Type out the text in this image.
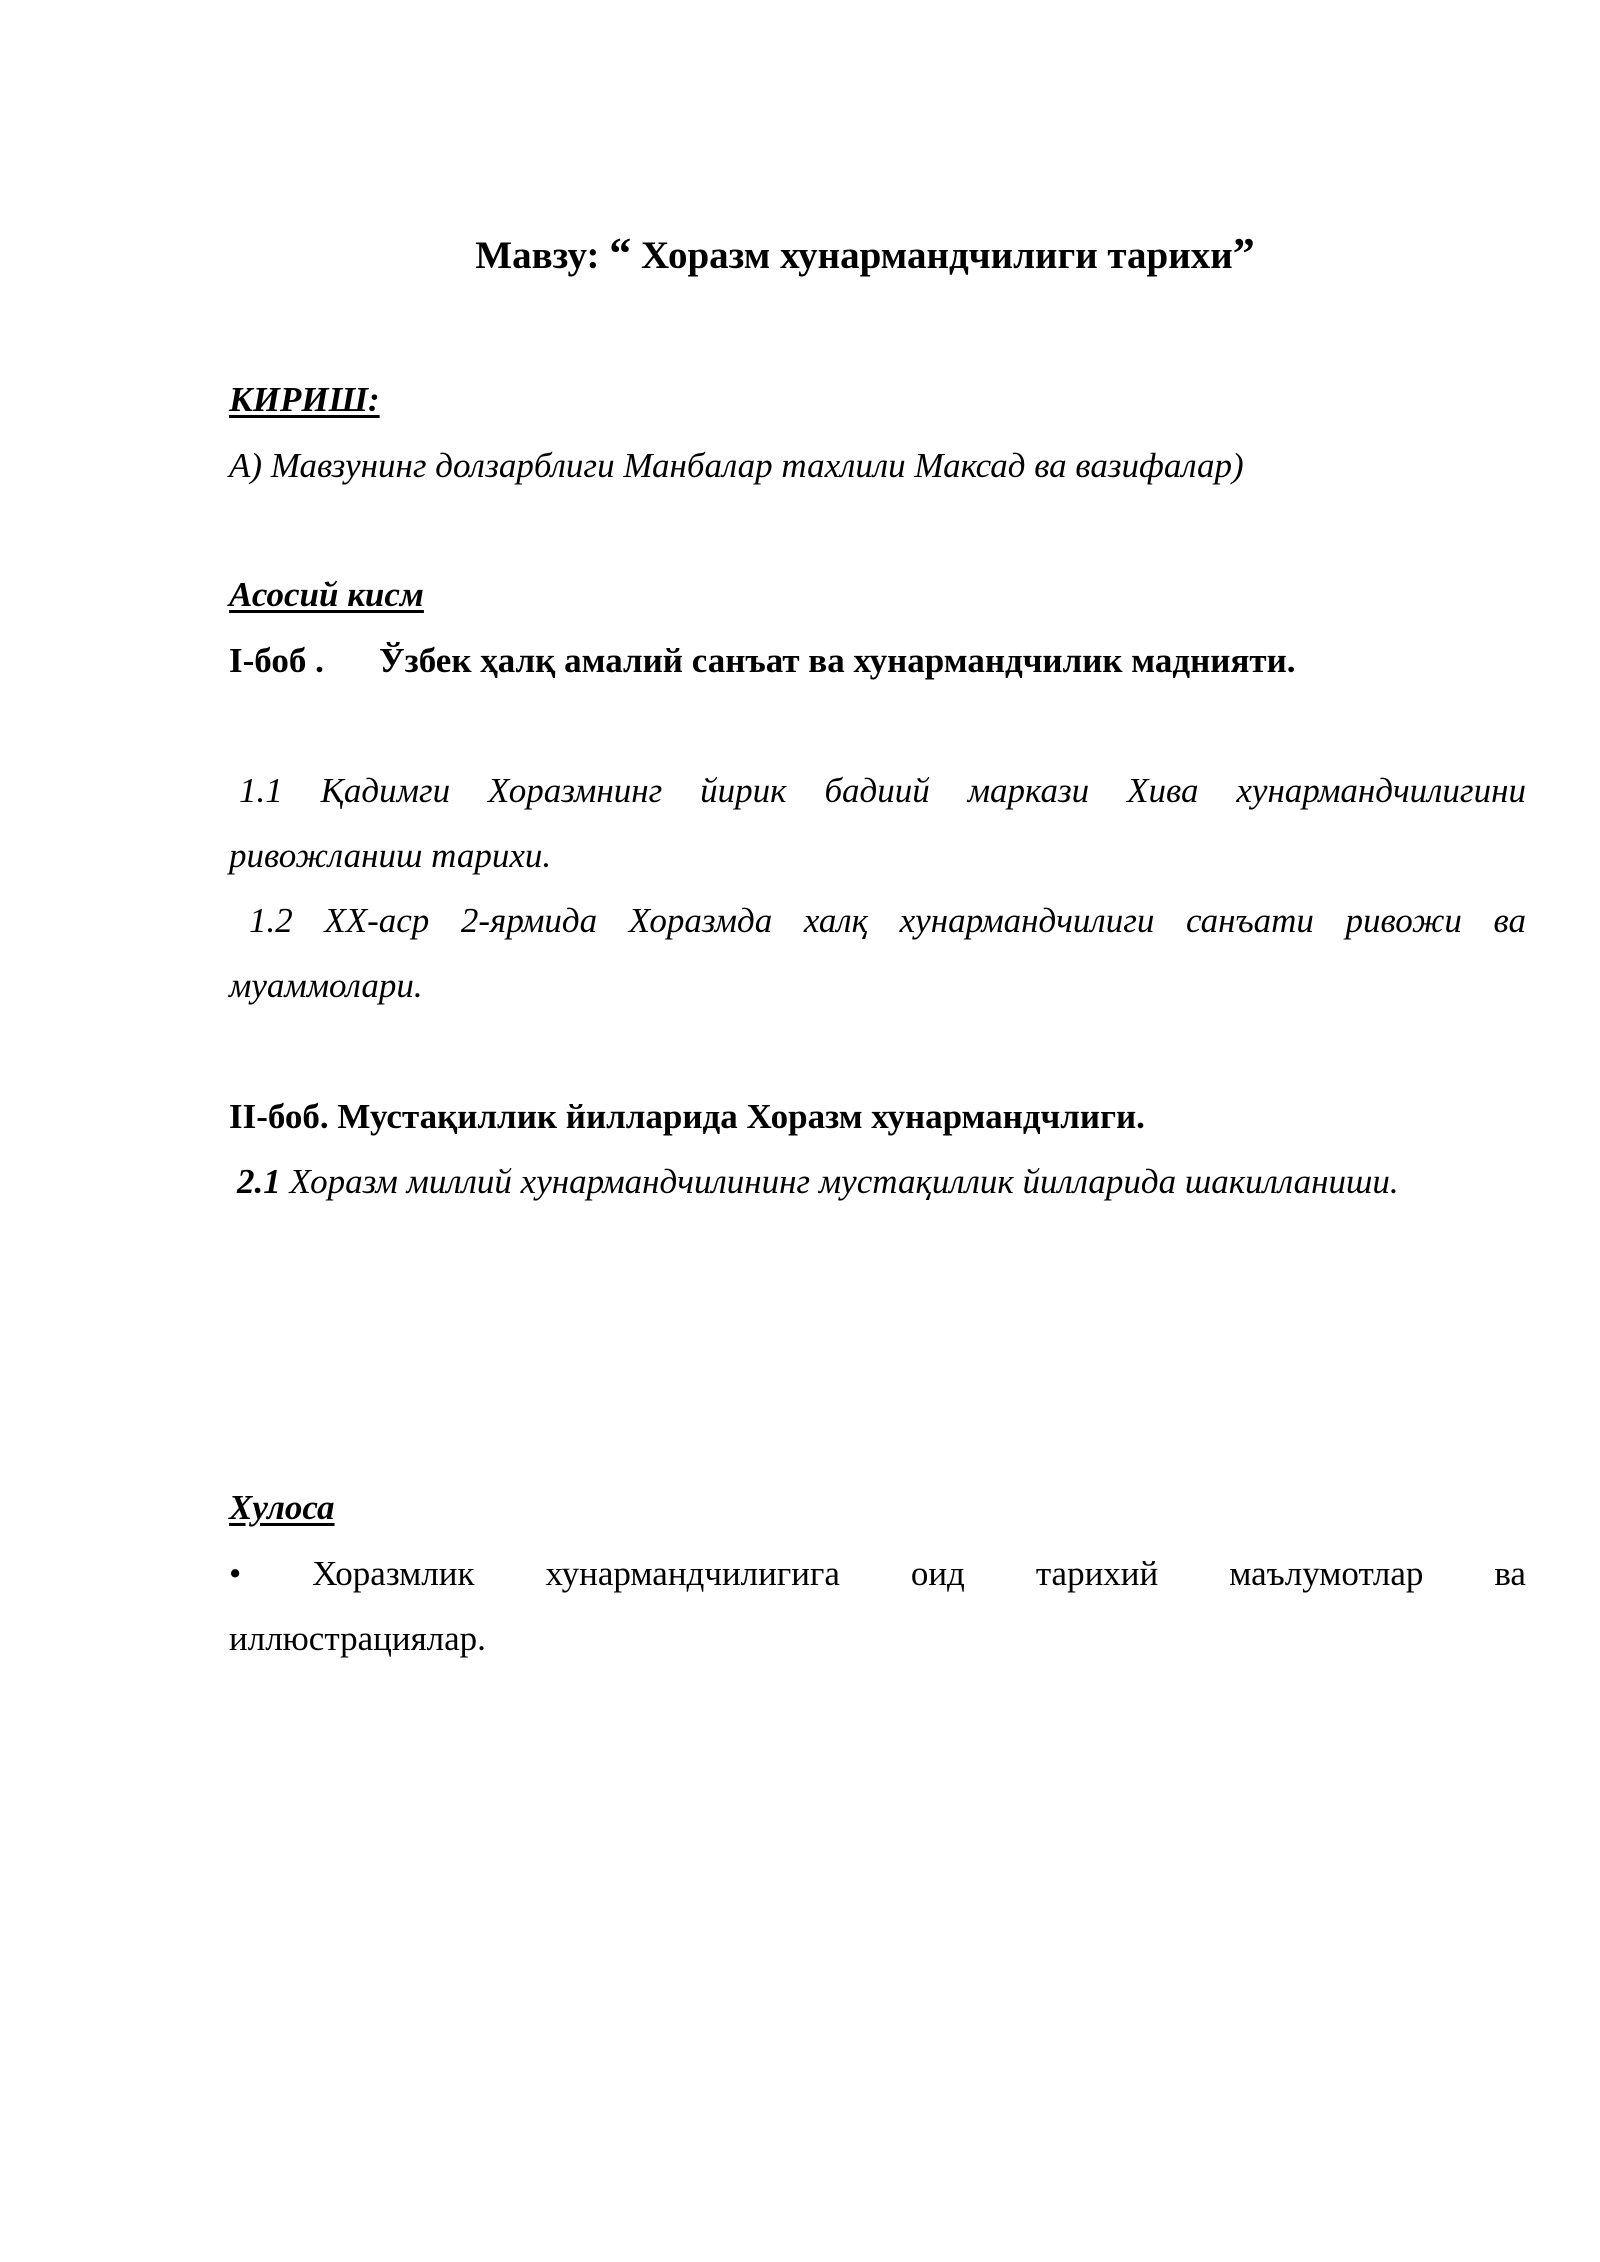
Мавзу: “ Хоразм хунармандчилиги тарихи”
КИРИШ:
А) Мавзунинг долзарблиги Манбалар тахлили Максад ва вазифалар)
Асосий кисм
I-боб . Ўзбек ҳалқ амалий санъат ва хунармандчилик маднияти.
1.1 Қадимги Хоразмнинг йирик бадиий маркази Хива хунармандчилигини
ривожланиш тарихи.
1.2 XX-аср 2-ярмида Хоразмда халқ хунармандчилиги санъати ривожи ва
муаммолари.
II-боб. Мустақиллик йилларида Хоразм хунармандчлиги.
2.1 Хоразм миллий хунармандчилининг мустақиллик йилларида шакилланиши.
Хулоса
• Хоразмлик хунармандчилигига оид тарихий маълумотлар ва
иллюстрациялар.
